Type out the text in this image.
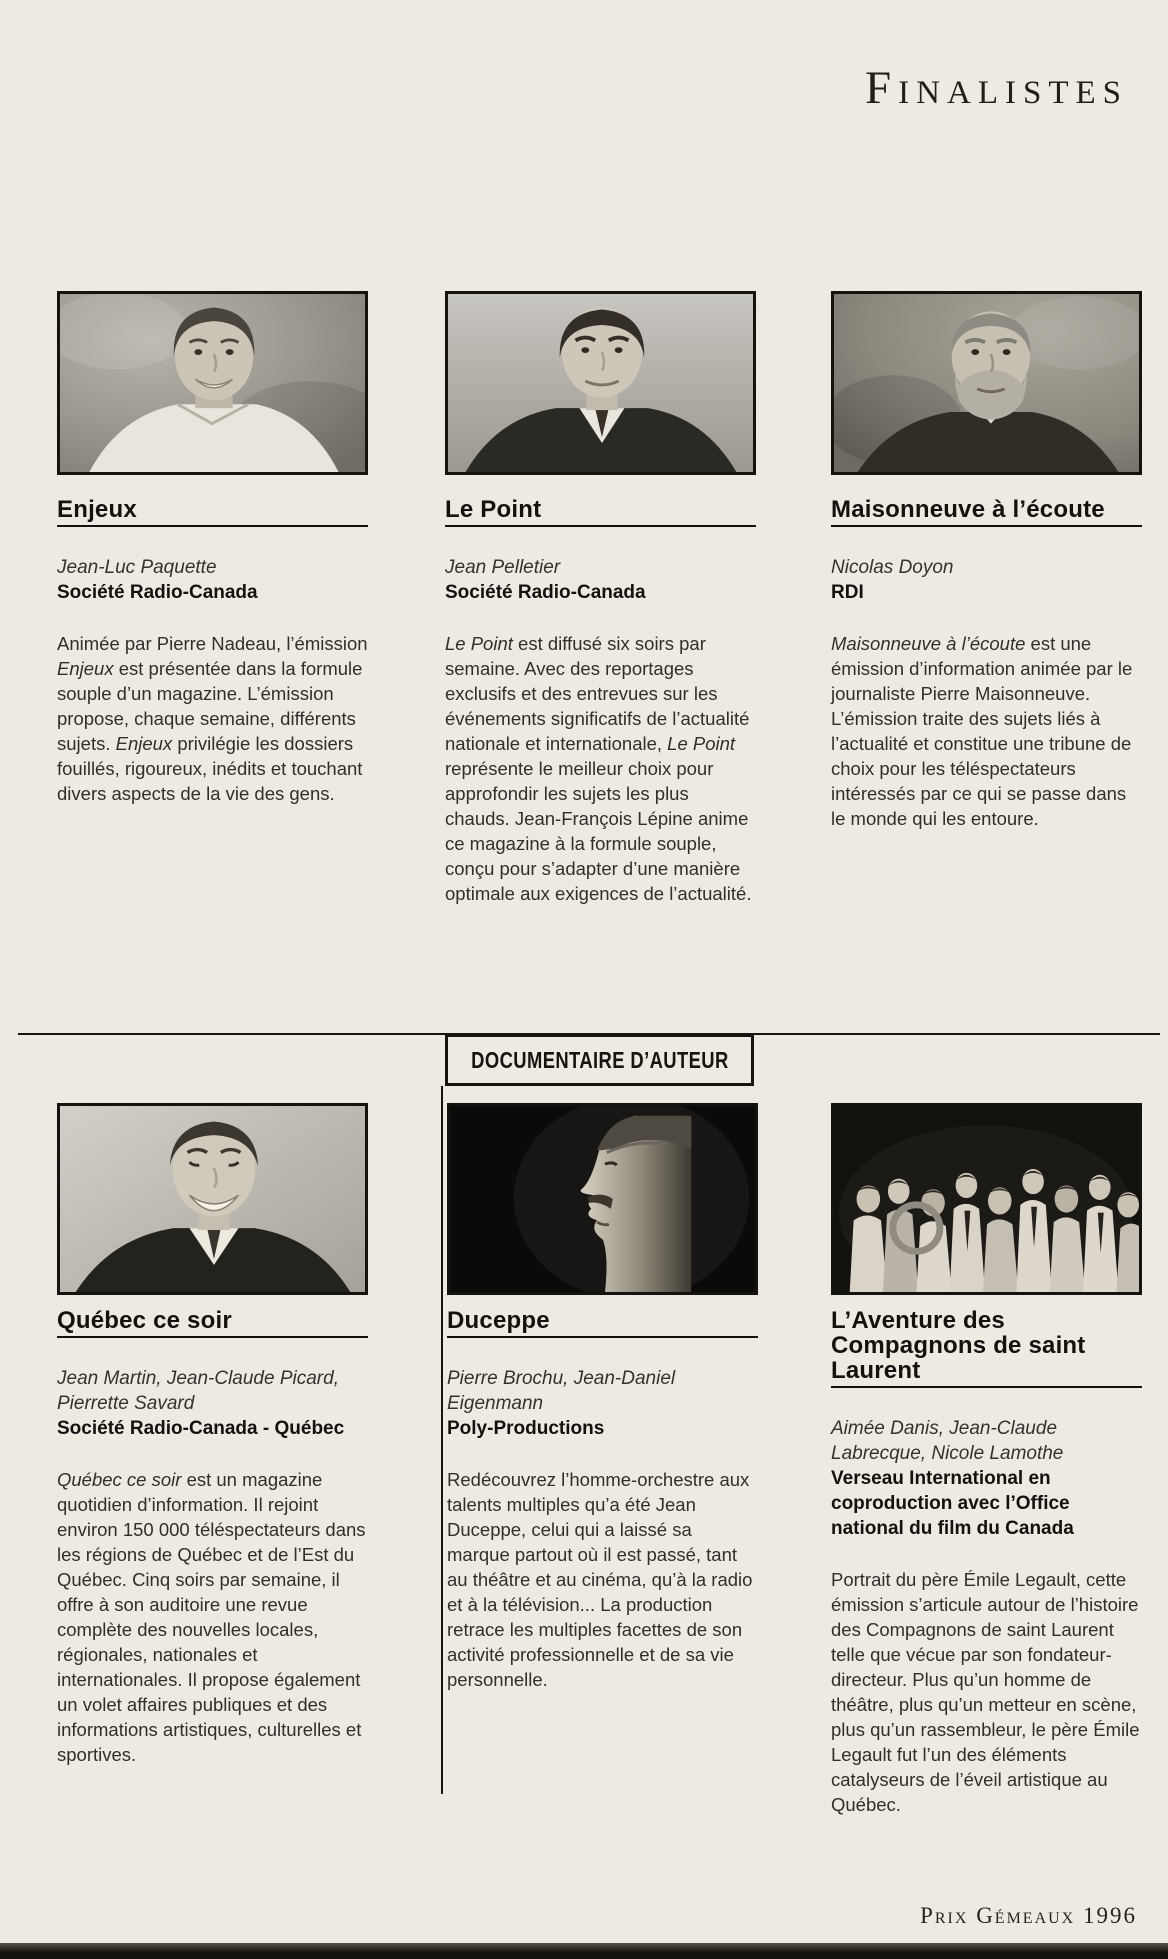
Finalistes
Enjeux

Jean-Luc Paquette

Société Radio-Canada

Animée par Pierre Nadeau, l’émission Enjeux est présentée dans la formule souple d’un magazine. L’émission propose, chaque semaine, différents sujets. Enjeux privilégie les dossiers fouillés, rigoureux, inédits et touchant divers aspects de la vie des gens.

Le Point

Jean Pelletier

Société Radio-Canada

Le Point est diffusé six soirs par semaine. Avec des reportages exclusifs et des entrevues sur les événements significatifs de l’actualité nationale et internationale, Le Point représente le meilleur choix pour approfondir les sujets les plus chauds. Jean-François Lépine anime ce magazine à la formule souple, conçu pour s’adapter d’une manière optimale aux exigences de l’actualité.

Maisonneuve à l’écoute

Nicolas Doyon

RDI

Maisonneuve à l’écoute est une émission d’information animée par le journaliste Pierre Maisonneuve. L’émission traite des sujets liés à l’actualité et constitue une tribune de choix pour les téléspectateurs intéressés par ce qui se passe dans le monde qui les entoure.

DOCUMENTAIRE D’AUTEUR
Québec ce soir

Jean Martin, Jean-Claude Picard, Pierrette Savard

Société Radio-Canada - Québec

Québec ce soir est un magazine quotidien d’information. Il rejoint environ 150 000 téléspectateurs dans les régions de Québec et de l’Est du Québec. Cinq soirs par semaine, il offre à son auditoire une revue complète des nouvelles locales, régionales, nationales et internationales. Il propose également un volet affaires publiques et des informations artistiques, culturelles et sportives.

Duceppe

Pierre Brochu, Jean-Daniel Eigenmann

Poly-Productions

Redécouvrez l’homme-orchestre aux talents multiples qu’a été Jean Duceppe, celui qui a laissé sa marque partout où il est passé, tant au théâtre et au cinéma, qu’à la radio et à la télévision... La production retrace les multiples facettes de son activité professionnelle et de sa vie personnelle.

L’Aventure des Compagnons de saint Laurent

Aimée Danis, Jean-Claude Labrecque, Nicole Lamothe

Verseau International en coproduction avec l’Office national du film du Canada

Portrait du père Émile Legault, cette émission s’articule autour de l’histoire des Compagnons de saint Laurent telle que vécue par son fondateur-directeur. Plus qu’un homme de théâtre, plus qu’un metteur en scène, plus qu’un rassembleur, le père Émile Legault fut l’un des éléments catalyseurs de l’éveil artistique au Québec.

Prix Gémeaux 1996
